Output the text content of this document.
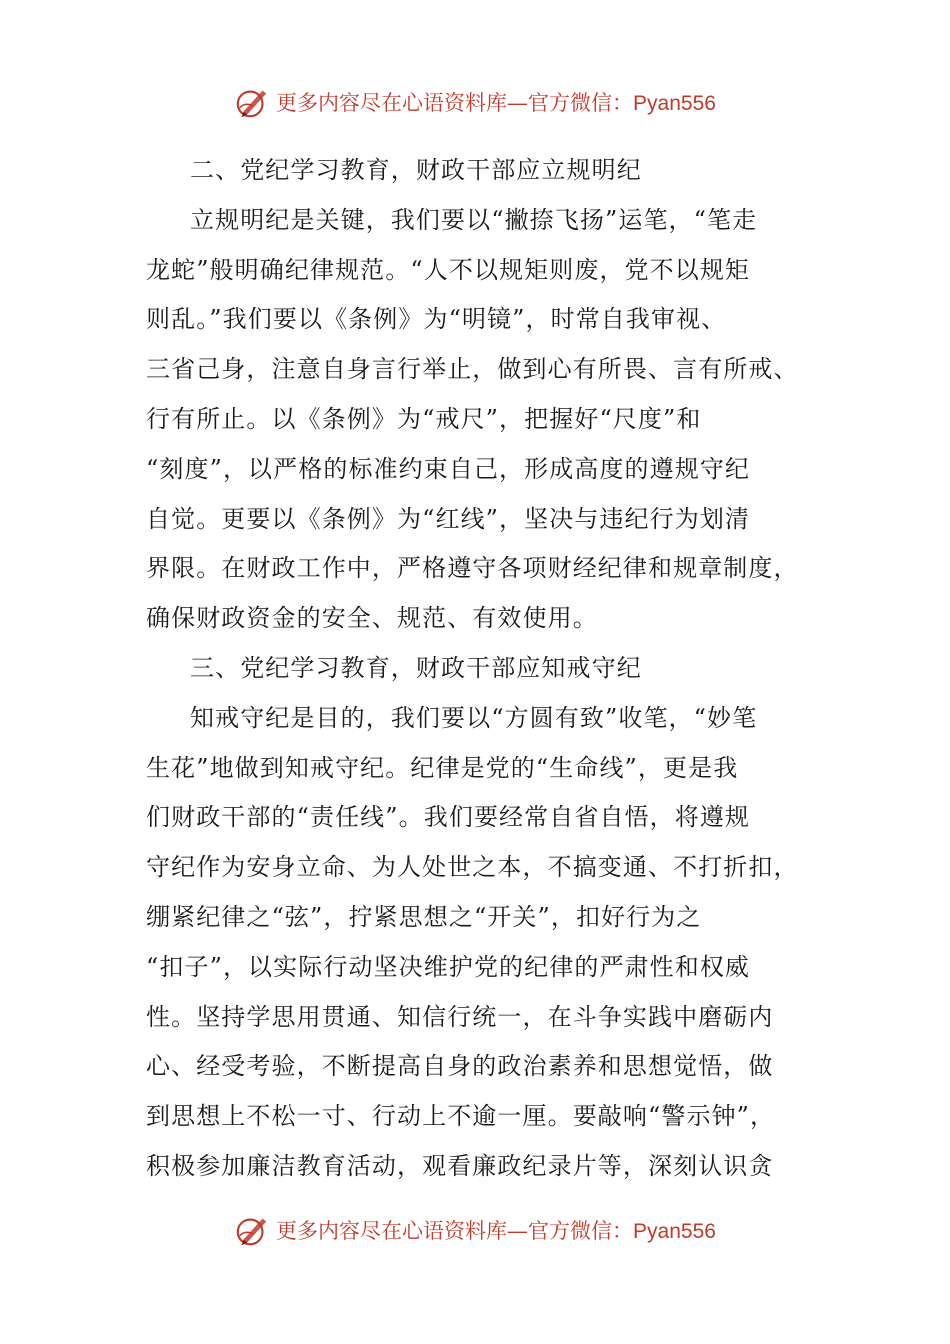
更多内容尽在心语资料库—官方微信：Pyan556
二、党纪学习教育，财政干部应立规明纪
立规明纪是关键，我们要以“撇捺飞扬”运笔，“笔走
龙蛇”般明确纪律规范。“人不以规矩则废，党不以规矩
则乱。”我们要以《条例》为“明镜”，时常自我审视、
三省己身，注意自身言行举止，做到心有所畏、言有所戒、
行有所止。以《条例》为“戒尺”，把握好“尺度”和
“刻度”，以严格的标准约束自己，形成高度的遵规守纪
自觉。更要以《条例》为“红线”，坚决与违纪行为划清
界限。在财政工作中，严格遵守各项财经纪律和规章制度，
确保财政资金的安全、规范、有效使用。
三、党纪学习教育，财政干部应知戒守纪
知戒守纪是目的，我们要以“方圆有致”收笔，“妙笔
生花”地做到知戒守纪。纪律是党的“生命线”，更是我
们财政干部的“责任线”。我们要经常自省自悟，将遵规
守纪作为安身立命、为人处世之本，不搞变通、不打折扣，
绷紧纪律之“弦”，拧紧思想之“开关”，扣好行为之
“扣子”，以实际行动坚决维护党的纪律的严肃性和权威
性。坚持学思用贯通、知信行统一，在斗争实践中磨砺内
心、经受考验，不断提高自身的政治素养和思想觉悟，做
到思想上不松一寸、行动上不逾一厘。要敲响“警示钟”，
积极参加廉洁教育活动，观看廉政纪录片等，深刻认识贪
更多内容尽在心语资料库—官方微信：Pyan556
